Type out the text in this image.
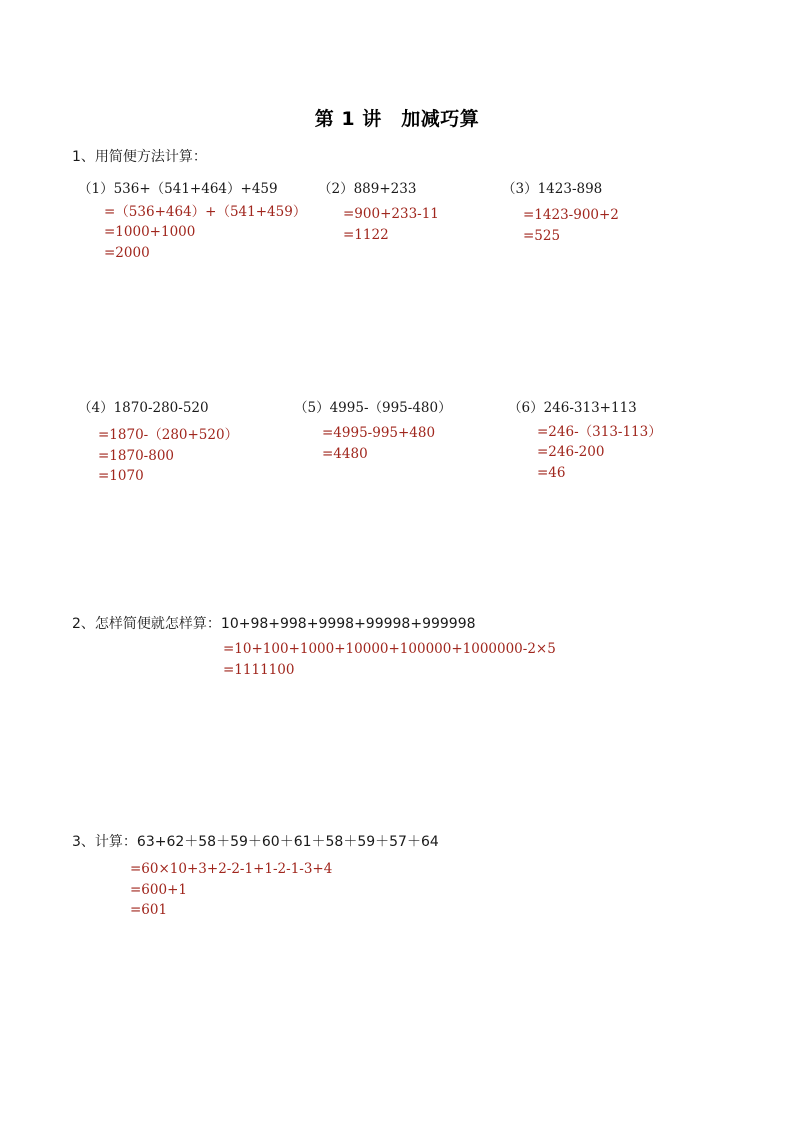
第 1 讲　加减巧算
1、用简便方法计算：
（1）536+（541+464）+459
=（536+464）+（541+459）
=1000+1000
=2000
（2）889+233
=900+233-11
=1122
（3）1423-898
=1423-900+2
=525
（4）1870-280-520
=1870-（280+520）
=1870-800
=1070
（5）4995-（995-480）
=4995-995+480
=4480
（6）246-313+113
=246-（313-113）
=246-200
=46
2、怎样简便就怎样算：10+98+998+9998+99998+999998
=10+100+1000+10000+100000+1000000-2×5
=1111100
3、计算：63+62＋58＋59＋60＋61＋58＋59＋57＋64
=60×10+3+2-2-1+1-2-1-3+4
=600+1
=601
